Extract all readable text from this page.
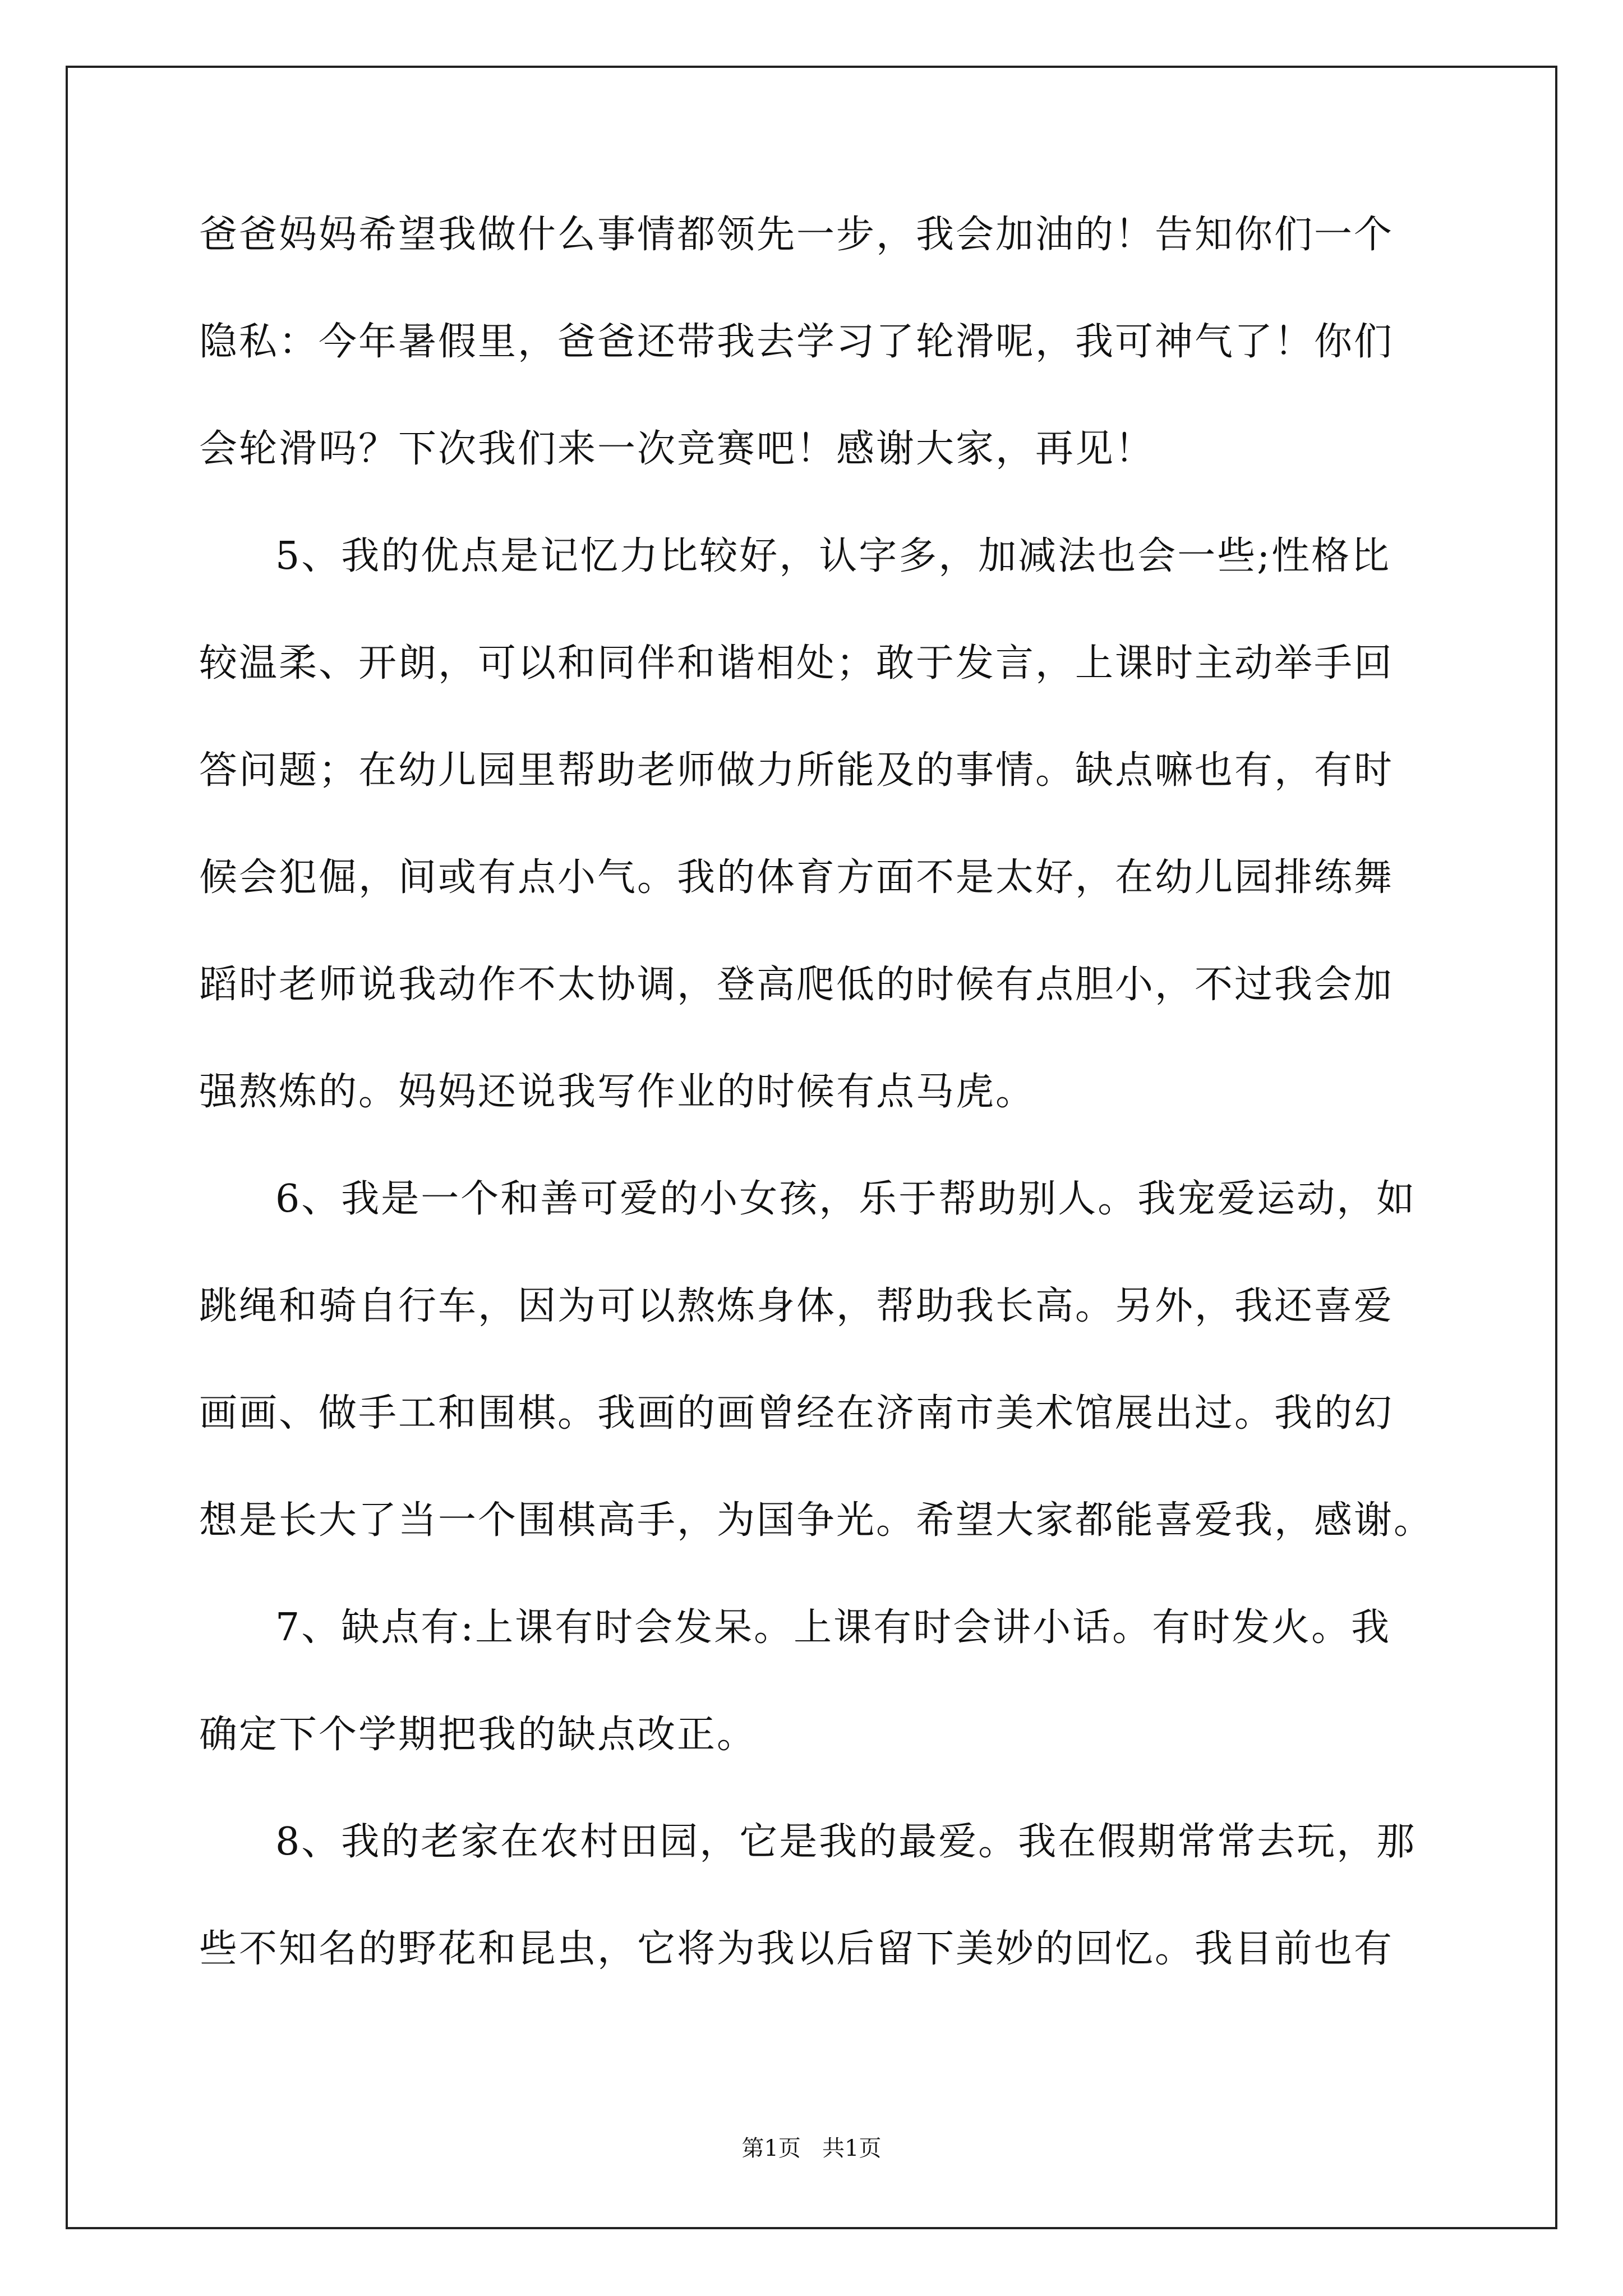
爸爸妈妈希望我做什么事情都领先一步，我会加油的！告知你们一个
隐私：今年暑假里，爸爸还带我去学习了轮滑呢，我可神气了！你们
会轮滑吗？下次我们来一次竞赛吧！感谢大家，再见！
5、我的优点是记忆力比较好，认字多，加减法也会一些;性格比
较温柔、开朗，可以和同伴和谐相处；敢于发言，上课时主动举手回
答问题；在幼儿园里帮助老师做力所能及的事情。缺点嘛也有，有时
候会犯倔，间或有点小气。我的体育方面不是太好，在幼儿园排练舞
蹈时老师说我动作不太协调，登高爬低的时候有点胆小，不过我会加
强熬炼的。妈妈还说我写作业的时候有点马虎。
6、我是一个和善可爱的小女孩，乐于帮助别人。我宠爱运动，如
跳绳和骑自行车，因为可以熬炼身体，帮助我长高。另外，我还喜爱
画画、做手工和围棋。我画的画曾经在济南市美术馆展出过。我的幻
想是长大了当一个围棋高手，为国争光。希望大家都能喜爱我，感谢。
7、缺点有:上课有时会发呆。上课有时会讲小话。有时发火。我
确定下个学期把我的缺点改正。
8、我的老家在农村田园，它是我的最爱。我在假期常常去玩，那
些不知名的野花和昆虫，它将为我以后留下美妙的回忆。我目前也有
第1页   共1页
